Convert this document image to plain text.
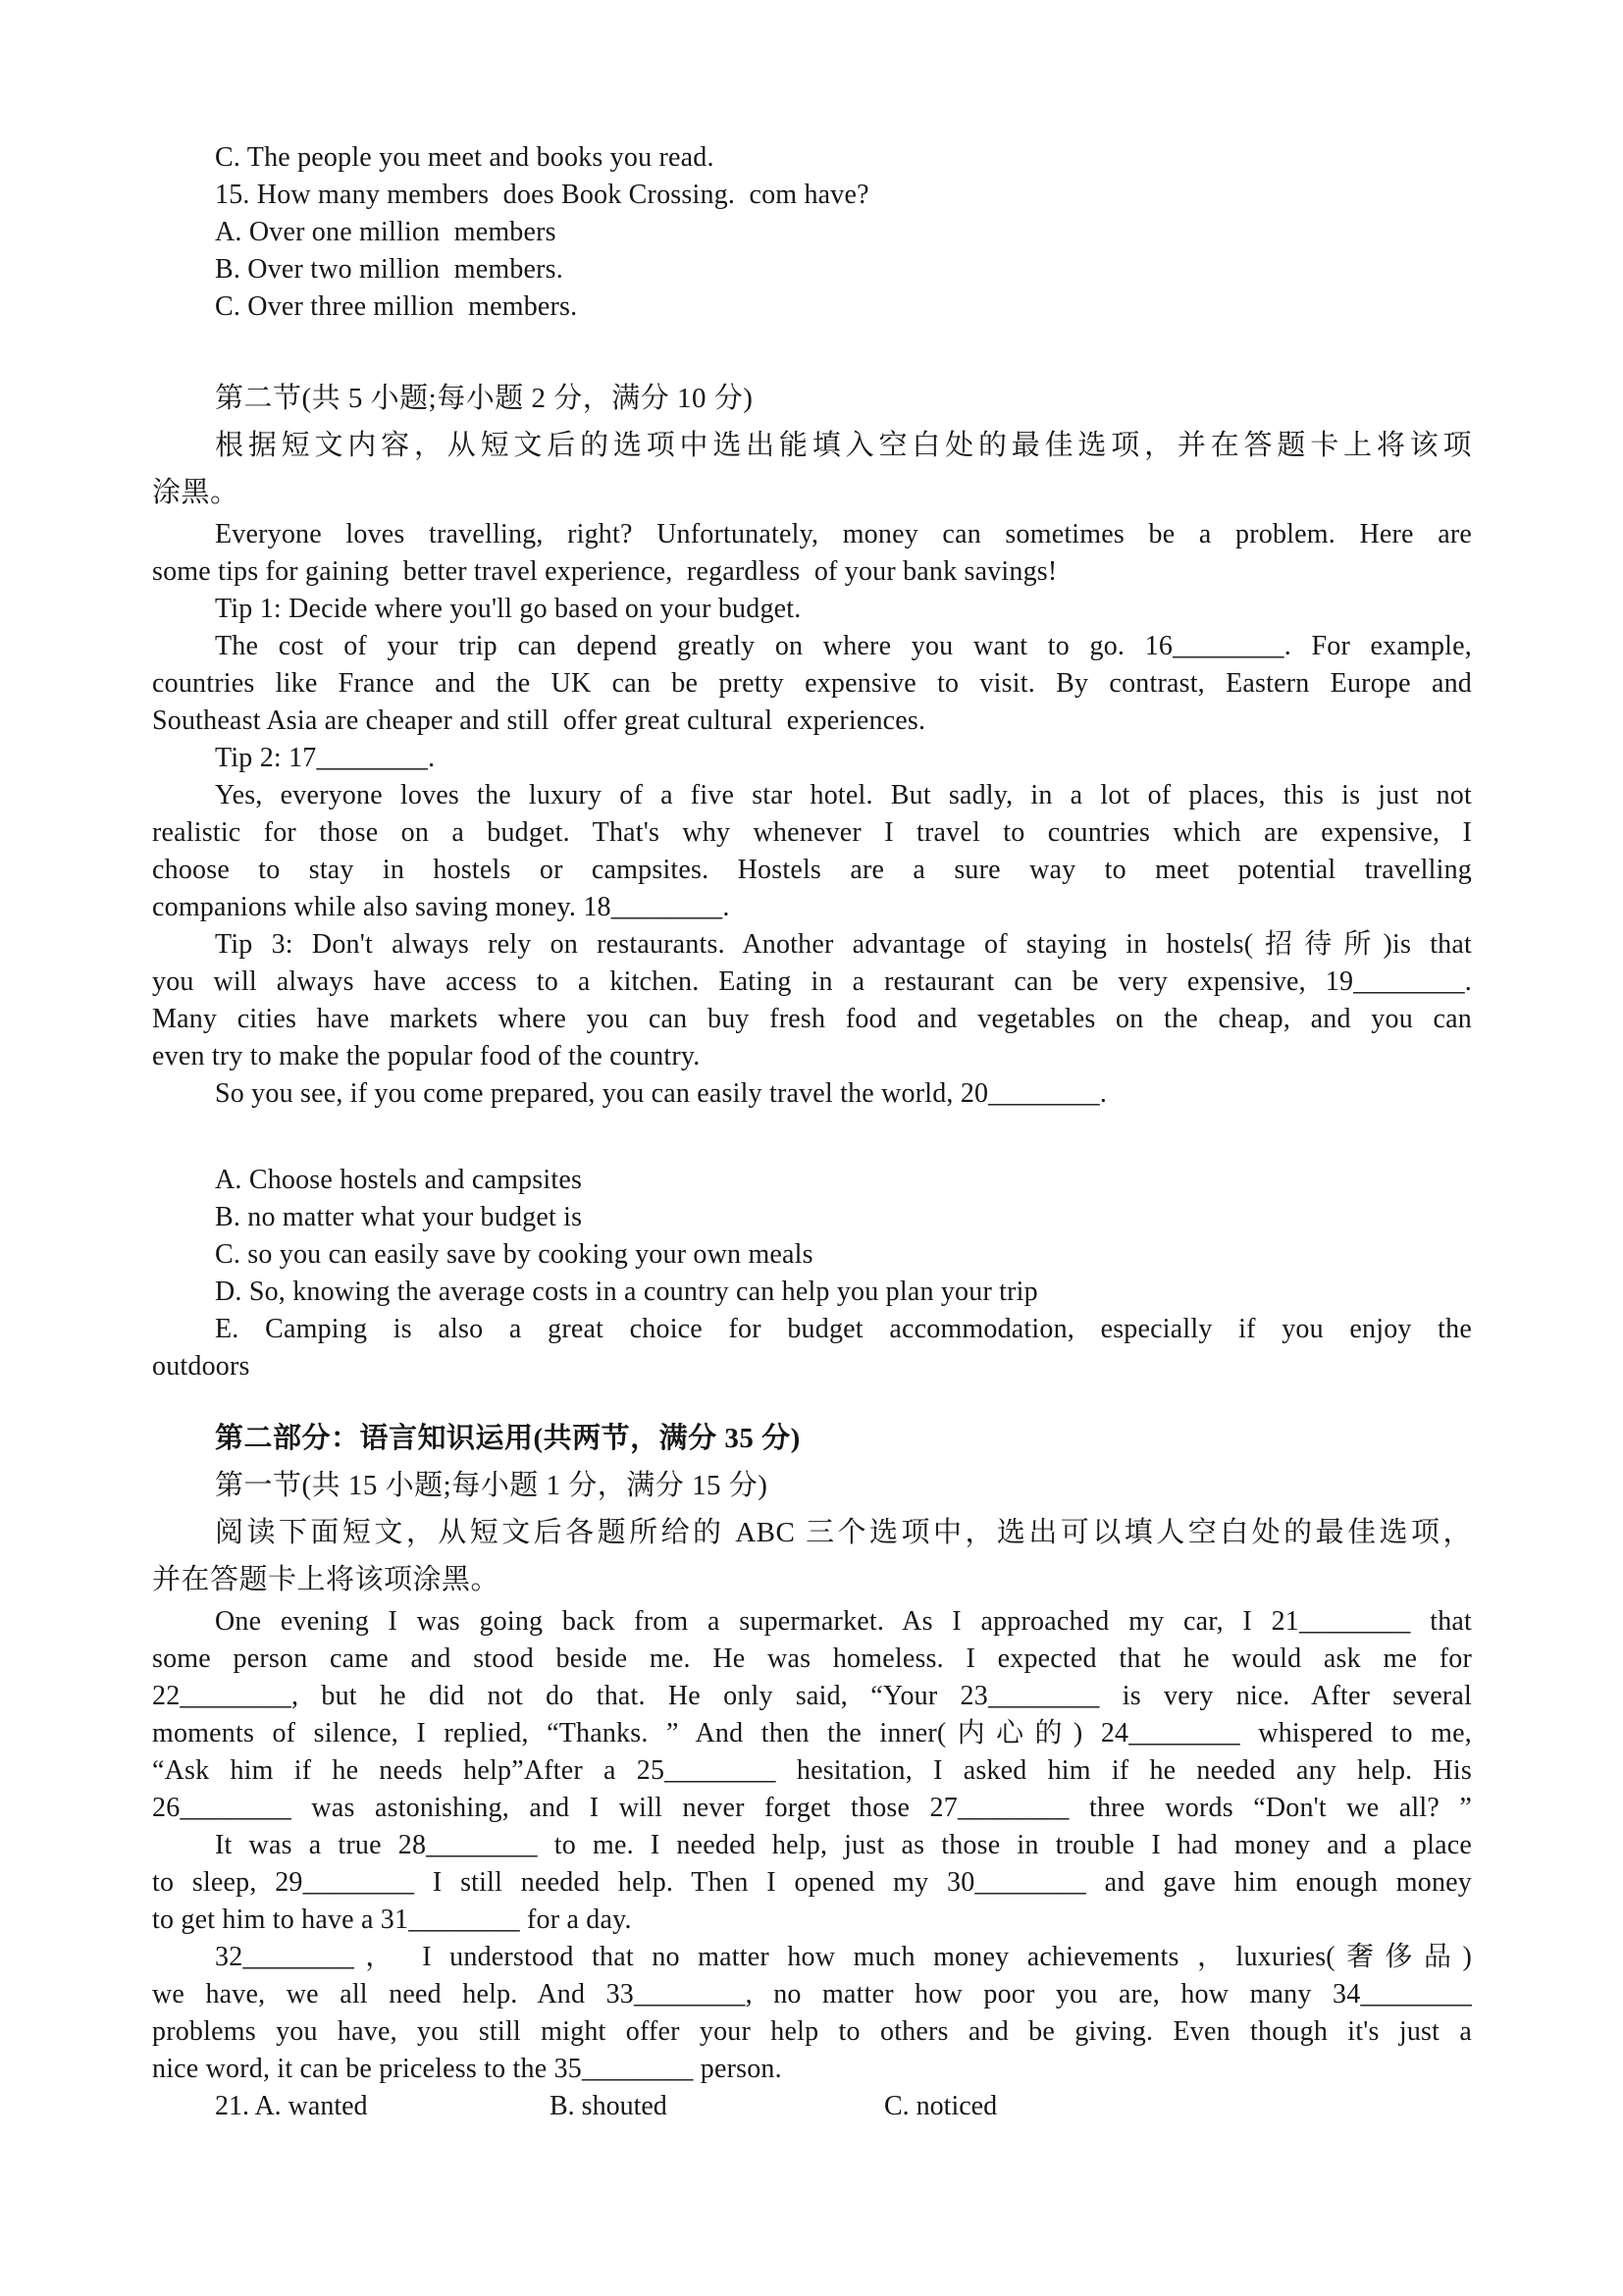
C. The people you meet and books you read.
15. How many members  does Book Crossing.  com have?
A. Over one million  members
B. Over two million  members.
C. Over three million  members.
第二节(共 5 小题;每小题 2 分，满分 10 分)
根据短文内容，从短文后的选项中选出能填入空白处的最佳选项，并在答题卡上将该项
涂黑。
Everyone loves travelling, right? Unfortunately, money can sometimes be a problem. Here are
some tips for gaining  better travel experience,  regardless  of your bank savings!
Tip 1: Decide where you'll go based on your budget.
The cost of your trip can depend greatly on where you want to go. 16________. For example,
countries like France and the UK can be pretty expensive to visit. By contrast, Eastern Europe and
Southeast Asia are cheaper and still  offer great cultural  experiences.
Tip 2: 17________.
Yes, everyone loves the luxury of a five star hotel. But sadly, in a lot of places, this is just not
realistic for those on a budget. That's why whenever I travel to countries which are expensive, I
choose to stay in hostels or campsites. Hostels are a sure way to meet potential travelling
companions while also saving money. 18________.
Tip 3: Don't always rely on restaurants. Another advantage of staying in hostels(招待所)is that
you will always have access to a kitchen. Eating in a restaurant can be very expensive, 19________.
Many cities have markets where you can buy fresh food and vegetables on the cheap, and you can
even try to make the popular food of the country.
So you see, if you come prepared, you can easily travel the world, 20________.
A. Choose hostels and campsites
B. no matter what your budget is
C. so you can easily save by cooking your own meals
D. So, knowing the average costs in a country can help you plan your trip
E. Camping is also a great choice for budget accommodation, especially if you enjoy the
outdoors
第二部分：语言知识运用(共两节，满分 35 分)
第一节(共 15 小题;每小题 1 分，满分 15 分)
阅读下面短文，从短文后各题所给的 ABC 三个选项中，选出可以填人空白处的最佳选项，
并在答题卡上将该项涂黑。
One evening I was going back from a supermarket. As I approached my car, I 21________ that
some person came and stood beside me. He was homeless. I expected that he would ask me for
22________, but he did not do that. He only said, “Your 23________ is very nice. After several
moments of silence, I replied, “Thanks. ” And then the inner(内心的) 24________ whispered to me,
“Ask him if he needs help”After a 25________ hesitation, I asked him if he needed any help. His
26________ was astonishing, and I will never forget those 27________ three words “Don't we all? ”
It was a true 28________ to me. I needed help, just as those in trouble I had money and a place
to sleep, 29________ I still needed help. Then I opened my 30________ and gave him enough money
to get him to have a 31________ for a day.
32________， I understood that no matter how much money achievements ，luxuries(奢侈品)
we have, we all need help. And 33________, no matter how poor you are, how many 34________
problems you have, you still might offer your help to others and be giving. Even though it's just a
nice word, it can be priceless to the 35________ person.
21. A. wanted	B. shouted	C. noticed
